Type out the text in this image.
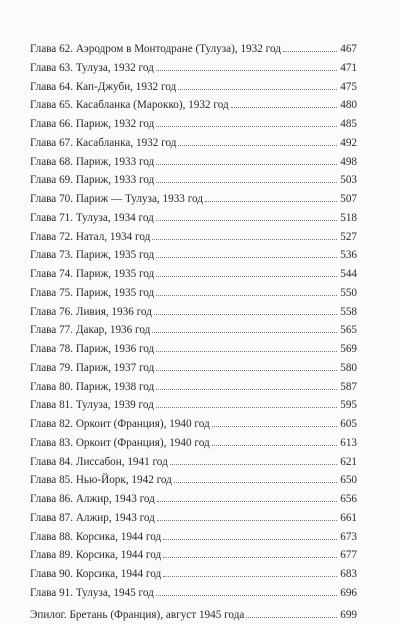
Глава 62. Аэродром в Монтодране (Тулуза), 1932 год	467
Глава 63. Тулуза, 1932 год	471
Глава 64. Кап-Джуби, 1932 год	475
Глава 65. Касабланка (Марокко), 1932 год	480
Глава 66. Париж, 1932 год	485
Глава 67. Касабланка, 1932 год	492
Глава 68. Париж, 1933 год	498
Глава 69. Париж, 1933 год	503
Глава 70. Париж — Тулуза, 1933 год	507
Глава 71. Тулуза, 1934 год	518
Глава 72. Натал, 1934 год	527
Глава 73. Париж, 1935 год	536
Глава 74. Париж, 1935 год	544
Глава 75. Париж, 1935 год	550
Глава 76. Ливия, 1936 год	558
Глава 77. Дакар, 1936 год	565
Глава 78. Париж, 1936 год	569
Глава 79. Париж, 1937 год	580
Глава 80. Париж, 1938 год	587
Глава 81. Тулуза, 1939 год	595
Глава 82. Оркоит (Франция), 1940 год	605
Глава 83. Оркоит (Франция), 1940 год	613
Глава 84. Лиссабон, 1941 год	621
Глава 85. Нью-Йорк, 1942 год	650
Глава 86. Алжир, 1943 год	656
Глава 87. Алжир, 1943 год	661
Глава 88. Корсика, 1944 год	673
Глава 89. Корсика, 1944 год	677
Глава 90. Корсика, 1944 год	683
Глава 91. Тулуза, 1945 год	696
Эпилог. Бретань (Франция), август 1945 года	699
